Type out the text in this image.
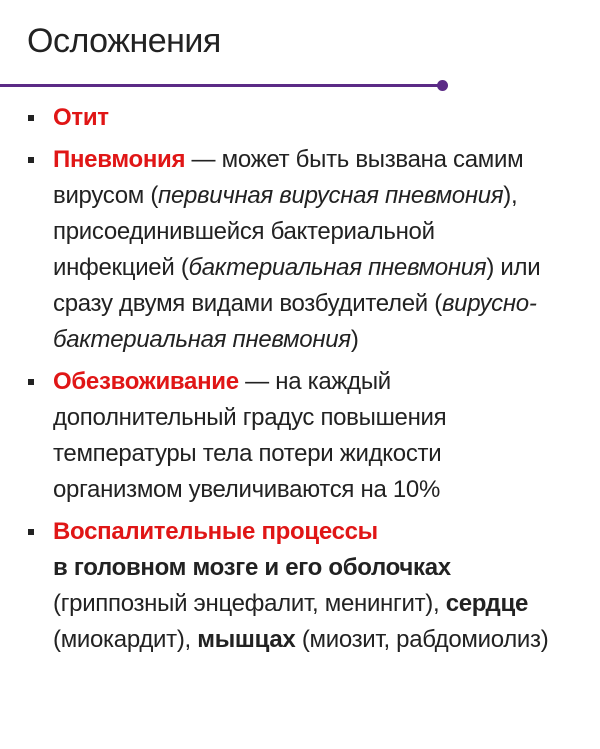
Осложнения
Отит
Пневмония — может быть вызвана самим вирусом (первичная вирусная пневмония), присоединившейся бактериальной инфекцией (бактериальная пневмония) или сразу двумя видами возбудителей (вирусно-бактериальная пневмония)
Обезвоживание — на каждый дополнительный градус повышения температуры тела потери жидкости организмом увеличиваются на 10%
Воспалительные процессы
в головном мозге и его оболочках (гриппозный энцефалит, менингит), сердце (миокардит), мышцах (миозит, рабдомиолиз)
